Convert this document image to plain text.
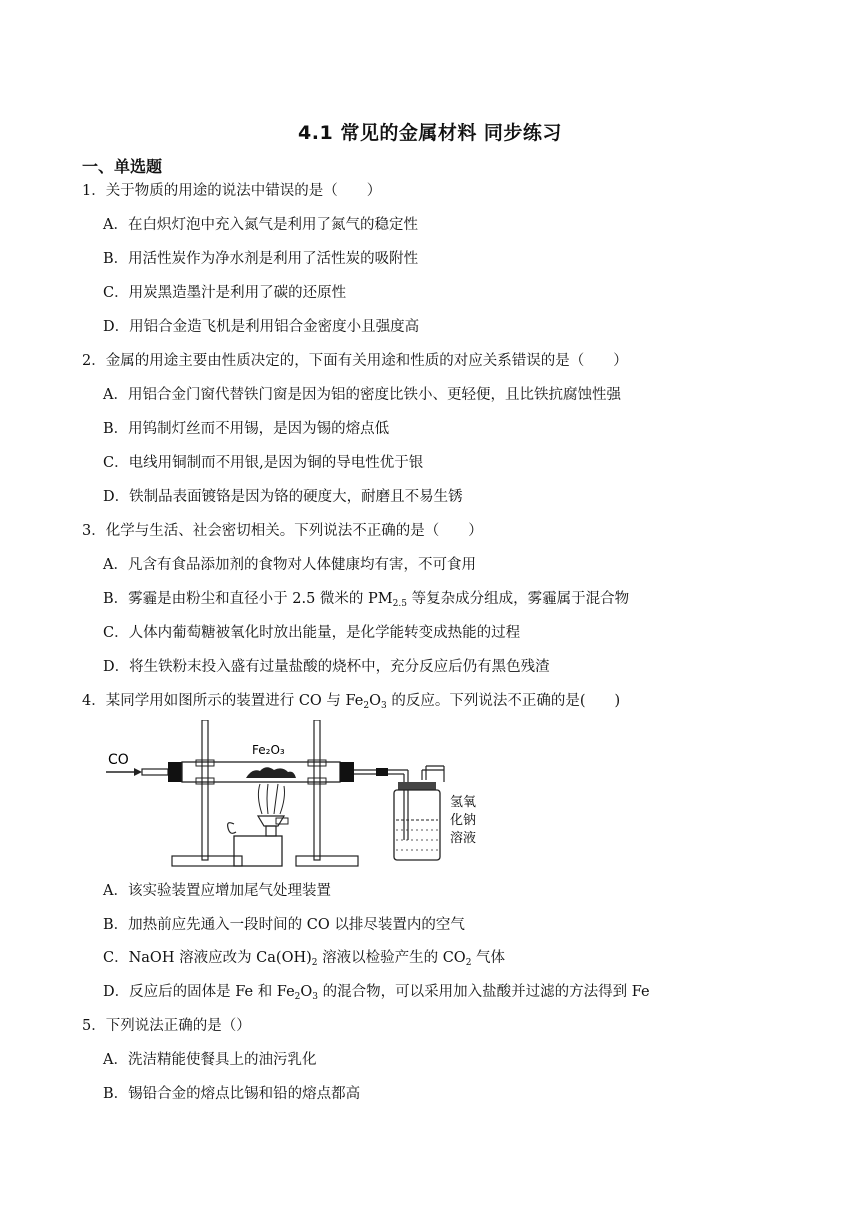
4.1 常见的金属材料 同步练习
一、单选题
1．关于物质的用途的说法中错误的是（　　）
A．在白炽灯泡中充入氮气是利用了氮气的稳定性
B．用活性炭作为净水剂是利用了活性炭的吸附性
C．用炭黑造墨汁是利用了碳的还原性
D．用铝合金造飞机是利用铝合金密度小且强度高
2．金属的用途主要由性质决定的，下面有关用途和性质的对应关系错误的是（　　）
A．用铝合金门窗代替铁门窗是因为铝的密度比铁小、更轻便，且比铁抗腐蚀性强
B．用钨制灯丝而不用锡，是因为锡的熔点低
C．电线用铜制而不用银,是因为铜的导电性优于银
D．铁制品表面镀铬是因为铬的硬度大，耐磨且不易生锈
3．化学与生活、社会密切相关。下列说法不正确的是（　　）
A．凡含有食品添加剂的食物对人体健康均有害，不可食用
B．雾霾是由粉尘和直径小于 2.5 微米的 $PM_{2.5}$ 等复杂成分组成，雾霾属于混合物
C．人体内葡萄糖被氧化时放出能量，是化学能转变成热能的过程
D．将生铁粉末投入盛有过量盐酸的烧杯中，充分反应后仍有黑色残渣
4．某同学用如图所示的装置进行 CO 与 $Fe_2O_3$ 的反应。下列说法不正确的是(　　)
CO
氢氧
化钠
溶液
Fe₂O₃
A．该实验装置应增加尾气处理装置
B．加热前应先通入一段时间的 CO 以排尽装置内的空气
C．NaOH 溶液应改为 $Ca(OH)_2$ 溶液以检验产生的 $CO_2$ 气体
D．反应后的固体是 Fe 和 $Fe_2O_3$ 的混合物，可以采用加入盐酸并过滤的方法得到 Fe
5．下列说法正确的是（）
A．洗洁精能使餐具上的油污乳化
B．锡铅合金的熔点比锡和铅的熔点都高
